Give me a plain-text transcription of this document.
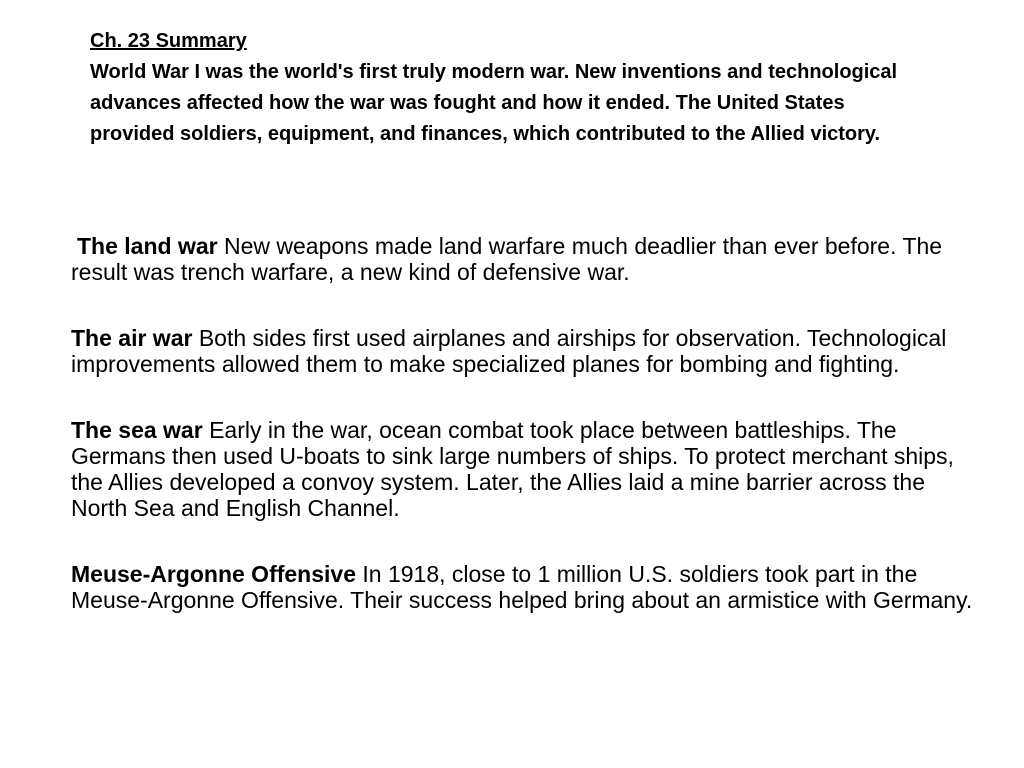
Ch. 23 Summary
World War I was the world's first truly modern war. New inventions and technological advances affected how the war was fought and how it ended. The United States provided soldiers, equipment, and finances, which contributed to the Allied victory.

The land war New weapons made land warfare much deadlier than ever before. The result was trench warfare, a new kind of defensive war.

The air war Both sides first used airplanes and airships for observation. Technological improvements allowed them to make specialized planes for bombing and fighting.

The sea war Early in the war, ocean combat took place between battleships. The Germans then used U-boats to sink large numbers of ships. To protect merchant ships, the Allies developed a convoy system. Later, the Allies laid a mine barrier across the North Sea and English Channel.

Meuse-Argonne Offensive In 1918, close to 1 million U.S. soldiers took part in the Meuse-Argonne Offensive. Their success helped bring about an armistice with Germany.
